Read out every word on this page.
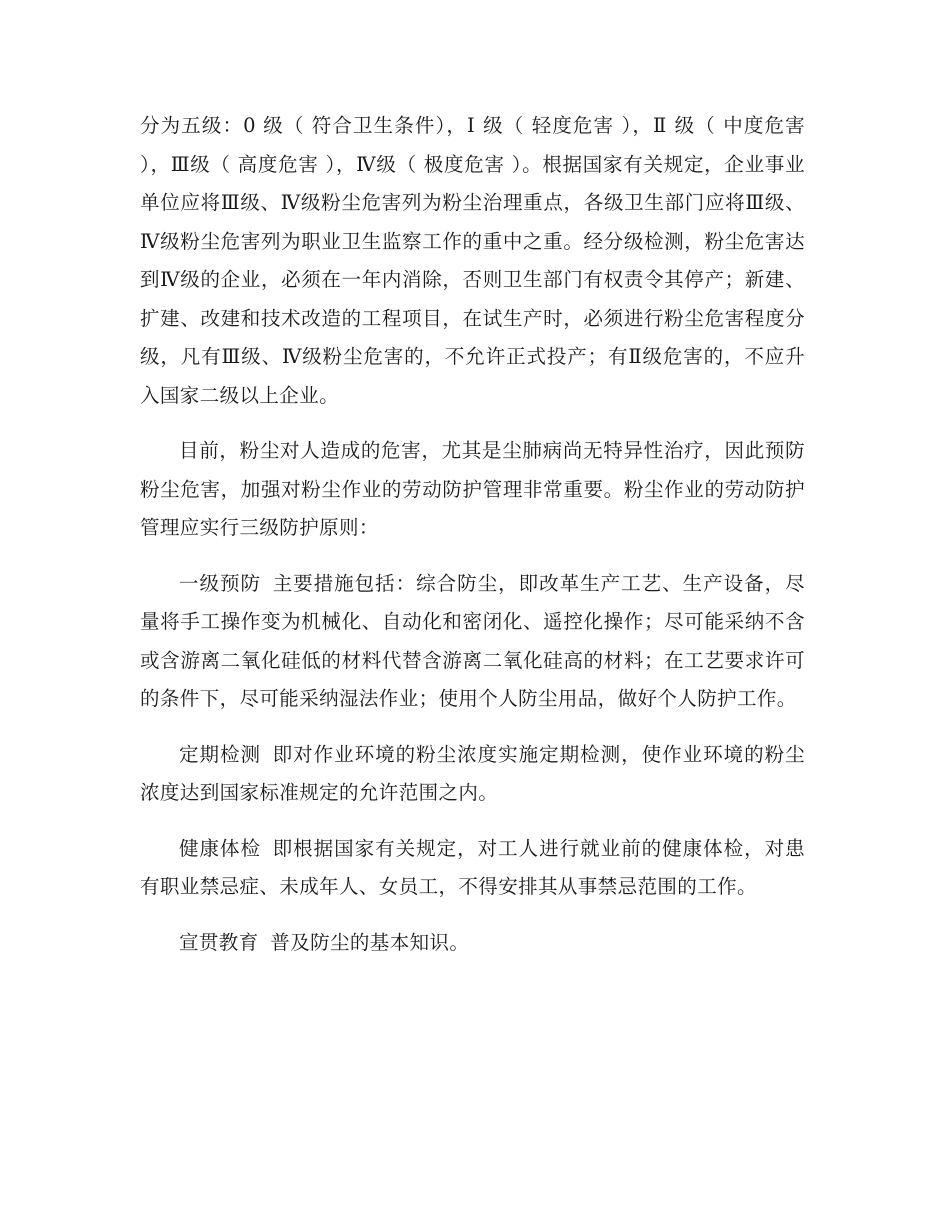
分为五级：0 级（ 符合卫生条件），Ⅰ 级（ 轻度危害 ），Ⅱ 级（ 中度危害 ），Ⅲ级（ 高度危害 ），Ⅳ级（ 极度危害 ）。根据国家有关规定，企业事业单位应将Ⅲ级、Ⅳ级粉尘危害列为粉尘治理重点，各级卫生部门应将Ⅲ级、Ⅳ级粉尘危害列为职业卫生监察工作的重中之重。经分级检测，粉尘危害达到Ⅳ级的企业，必须在一年内消除，否则卫生部门有权责令其停产；新建、扩建、改建和技术改造的工程项目，在试生产时，必须进行粉尘危害程度分级，凡有Ⅲ级、Ⅳ级粉尘危害的，不允许正式投产；有Ⅱ级危害的，不应升入国家二级以上企业。

目前，粉尘对人造成的危害，尤其是尘肺病尚无特异性治疗，因此预防粉尘危害，加强对粉尘作业的劳动防护管理非常重要。粉尘作业的劳动防护管理应实行三级防护原则：

一级预防 主要措施包括：综合防尘，即改革生产工艺、生产设备，尽量将手工操作变为机械化、自动化和密闭化、遥控化操作；尽可能采纳不含或含游离二氧化硅低的材料代替含游离二氧化硅高的材料；在工艺要求许可的条件下，尽可能采纳湿法作业；使用个人防尘用品，做好个人防护工作。

定期检测 即对作业环境的粉尘浓度实施定期检测，使作业环境的粉尘浓度达到国家标准规定的允许范围之内。

健康体检 即根据国家有关规定，对工人进行就业前的健康体检，对患有职业禁忌症、未成年人、女员工，不得安排其从事禁忌范围的工作。

宣贯教育 普及防尘的基本知识。
